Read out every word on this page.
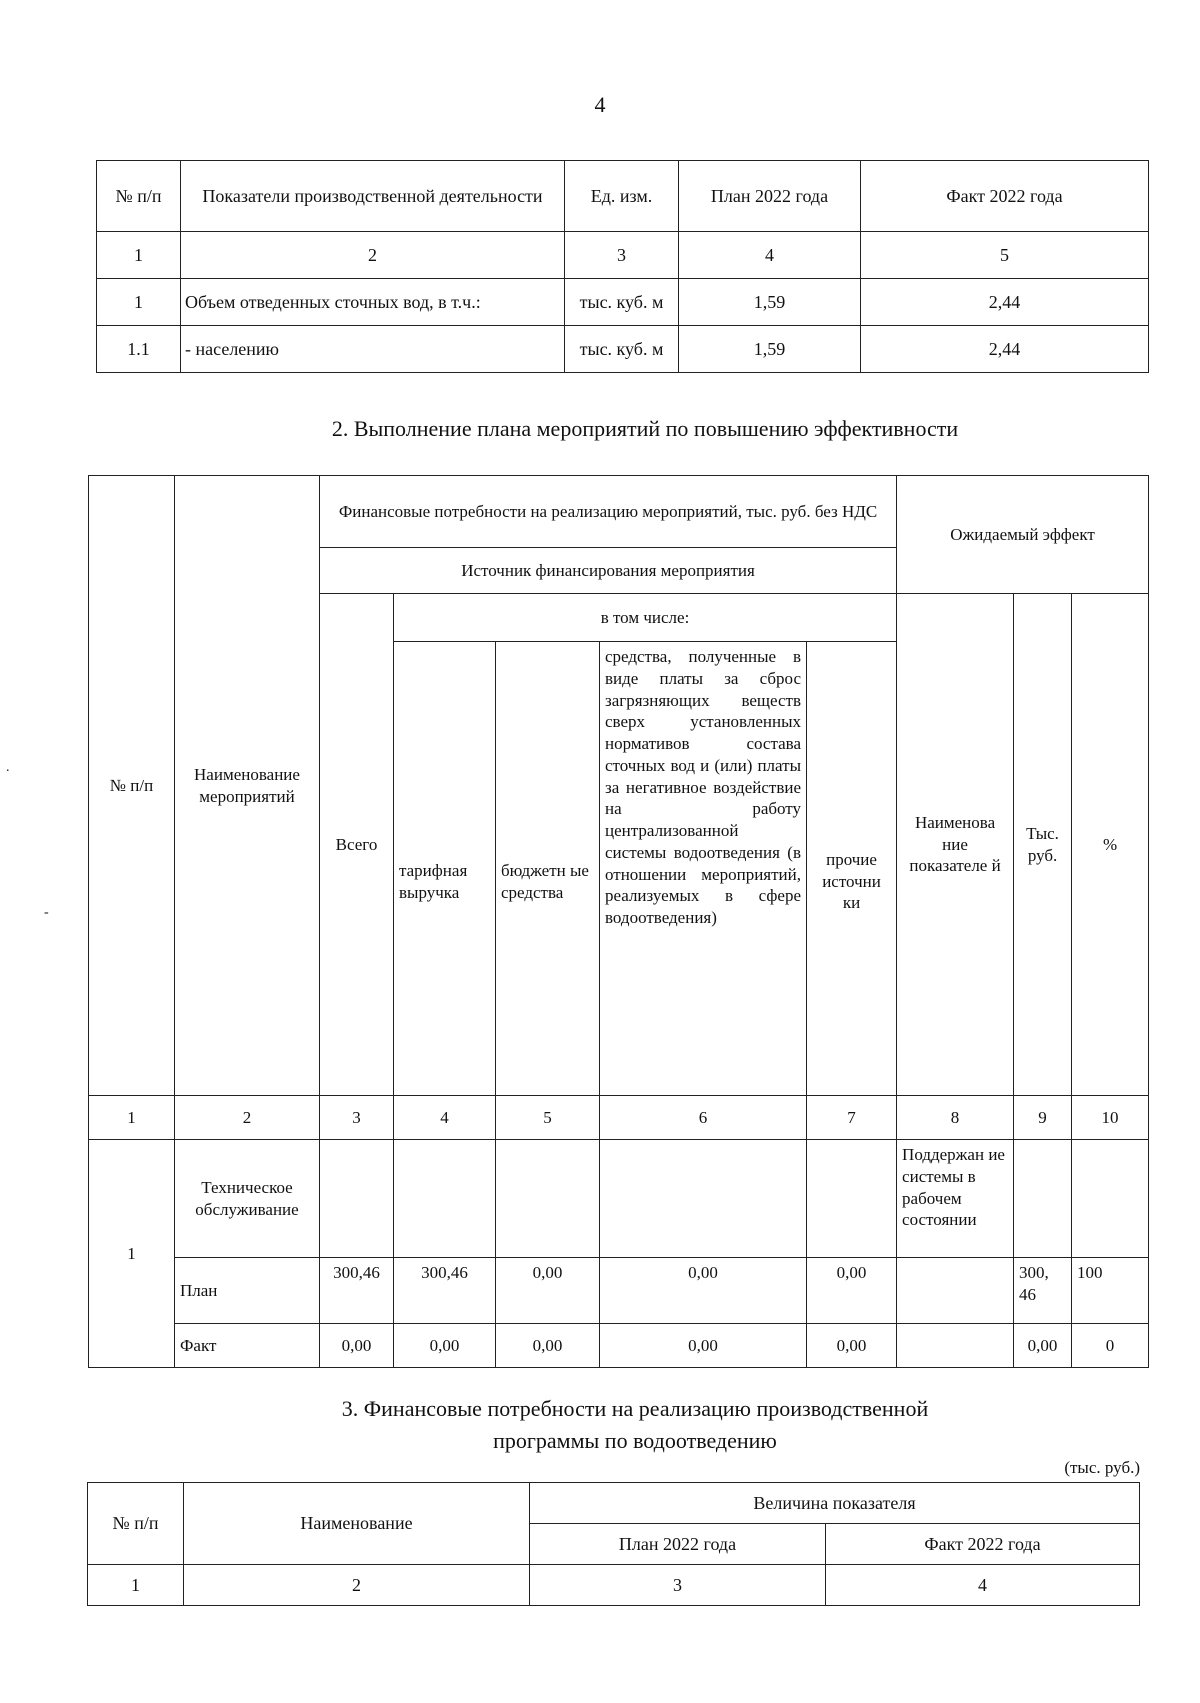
4
№ п/п	Показатели производственной деятельности	Ед. изм.	План 2022 года	Факт 2022 года
1	2	3	4	5
1	Объем отведенных сточных вод, в т.ч.:	тыс. куб. м	1,59	2,44
1.1	- населению	тыс. куб. м	1,59	2,44
2. Выполнение плана мероприятий по повышению эффективности
№ п/п	Наименование мероприятий	Финансовые потребности на реализацию мероприятий, тыс. руб. без НДС					Ожидаемый эффект		
		Источник финансирования мероприятия							
		Всего	в том числе:				Наименова ние показателе й	Тыс. руб.	%
			тарифная выручка	бюджетн ые средства	средства, полученные в виде платы за сброс загрязняющих веществ сверх установленных нормативов состава сточных вод и (или) платы за негативное воздействие на работу централизованной системы водоотведения (в отношении мероприятий, реализуемых в сфере водоотведения)	прочие источни ки			
1	2	3	4	5	6	7	8	9	10
1	Техническое обслуживание						Поддержан ие системы в рабочем состоянии		
	План	300,46	300,46	0,00	0,00	0,00		300, 46	100
	Факт	0,00	0,00	0,00	0,00	0,00		0,00	0
3. Финансовые потребности на реализацию производственной
программы по водоотведению
(тыс. руб.)
№ п/п	Наименование	Величина показателя	
		План 2022 года	Факт 2022 года
1	2	3	4
.
-
